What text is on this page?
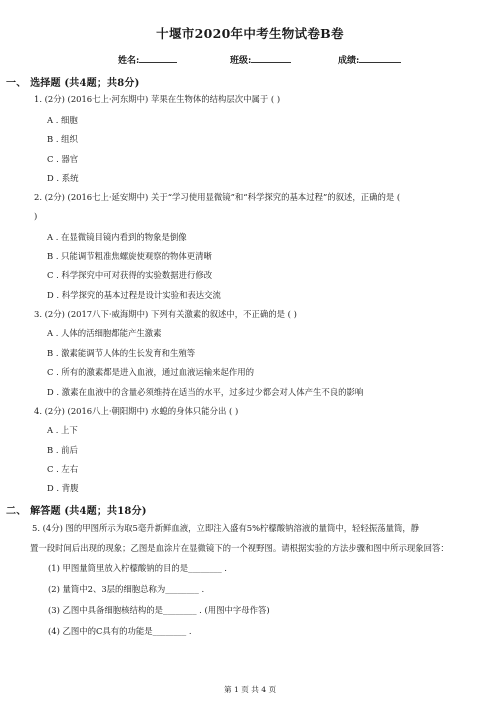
十堰市2020年中考生物试卷B卷
姓名:	班级:	成绩:
一、 选择题 (共4题；共8分)
1. (2分) (2016七上·河东期中) 苹果在生物体的结构层次中属于 ( )
A . 细胞
B . 组织
C . 器官
D . 系统
2. (2分) (2016七上·延安期中) 关于“学习使用显微镜”和“科学探究的基本过程”的叙述，正确的是 (
)
A . 在显微镜目镜内看到的物象是倒像
B . 只能调节粗准焦螺旋使观察的物体更清晰
C . 科学探究中可对获得的实验数据进行修改
D . 科学探究的基本过程是设计实验和表达交流
3. (2分) (2017八下·威海期中) 下列有关激素的叙述中，不正确的是 ( )
A . 人体的活细胞都能产生激素
B . 激素能调节人体的生长发育和生殖等
C . 所有的激素都是进入血液，通过血液运输来起作用的
D . 激素在血液中的含量必须维持在适当的水平，过多过少都会对人体产生不良的影响
4. (2分) (2016八上·朝阳期中) 水螅的身体只能分出 ( )
A . 上下
B . 前后
C . 左右
D . 背腹
二、 解答题 (共4题；共18分)
5. (4分) 图的甲图所示为取5毫升新鲜血液，立即注入盛有5%柠檬酸钠溶液的量筒中，轻轻振荡量筒，静
置一段时间后出现的现象；乙图是血涂片在显微镜下的一个视野图。请根据实验的方法步骤和图中所示现象回答：
(1) 甲图量筒里放入柠檬酸钠的目的是________ .
(2) 量筒中2、3层的细胞总称为________ .
(3) 乙图中具备细胞核结构的是________ . (用图中字母作答)
(4) 乙图中的C具有的功能是________ .
第 1 页 共 4 页
